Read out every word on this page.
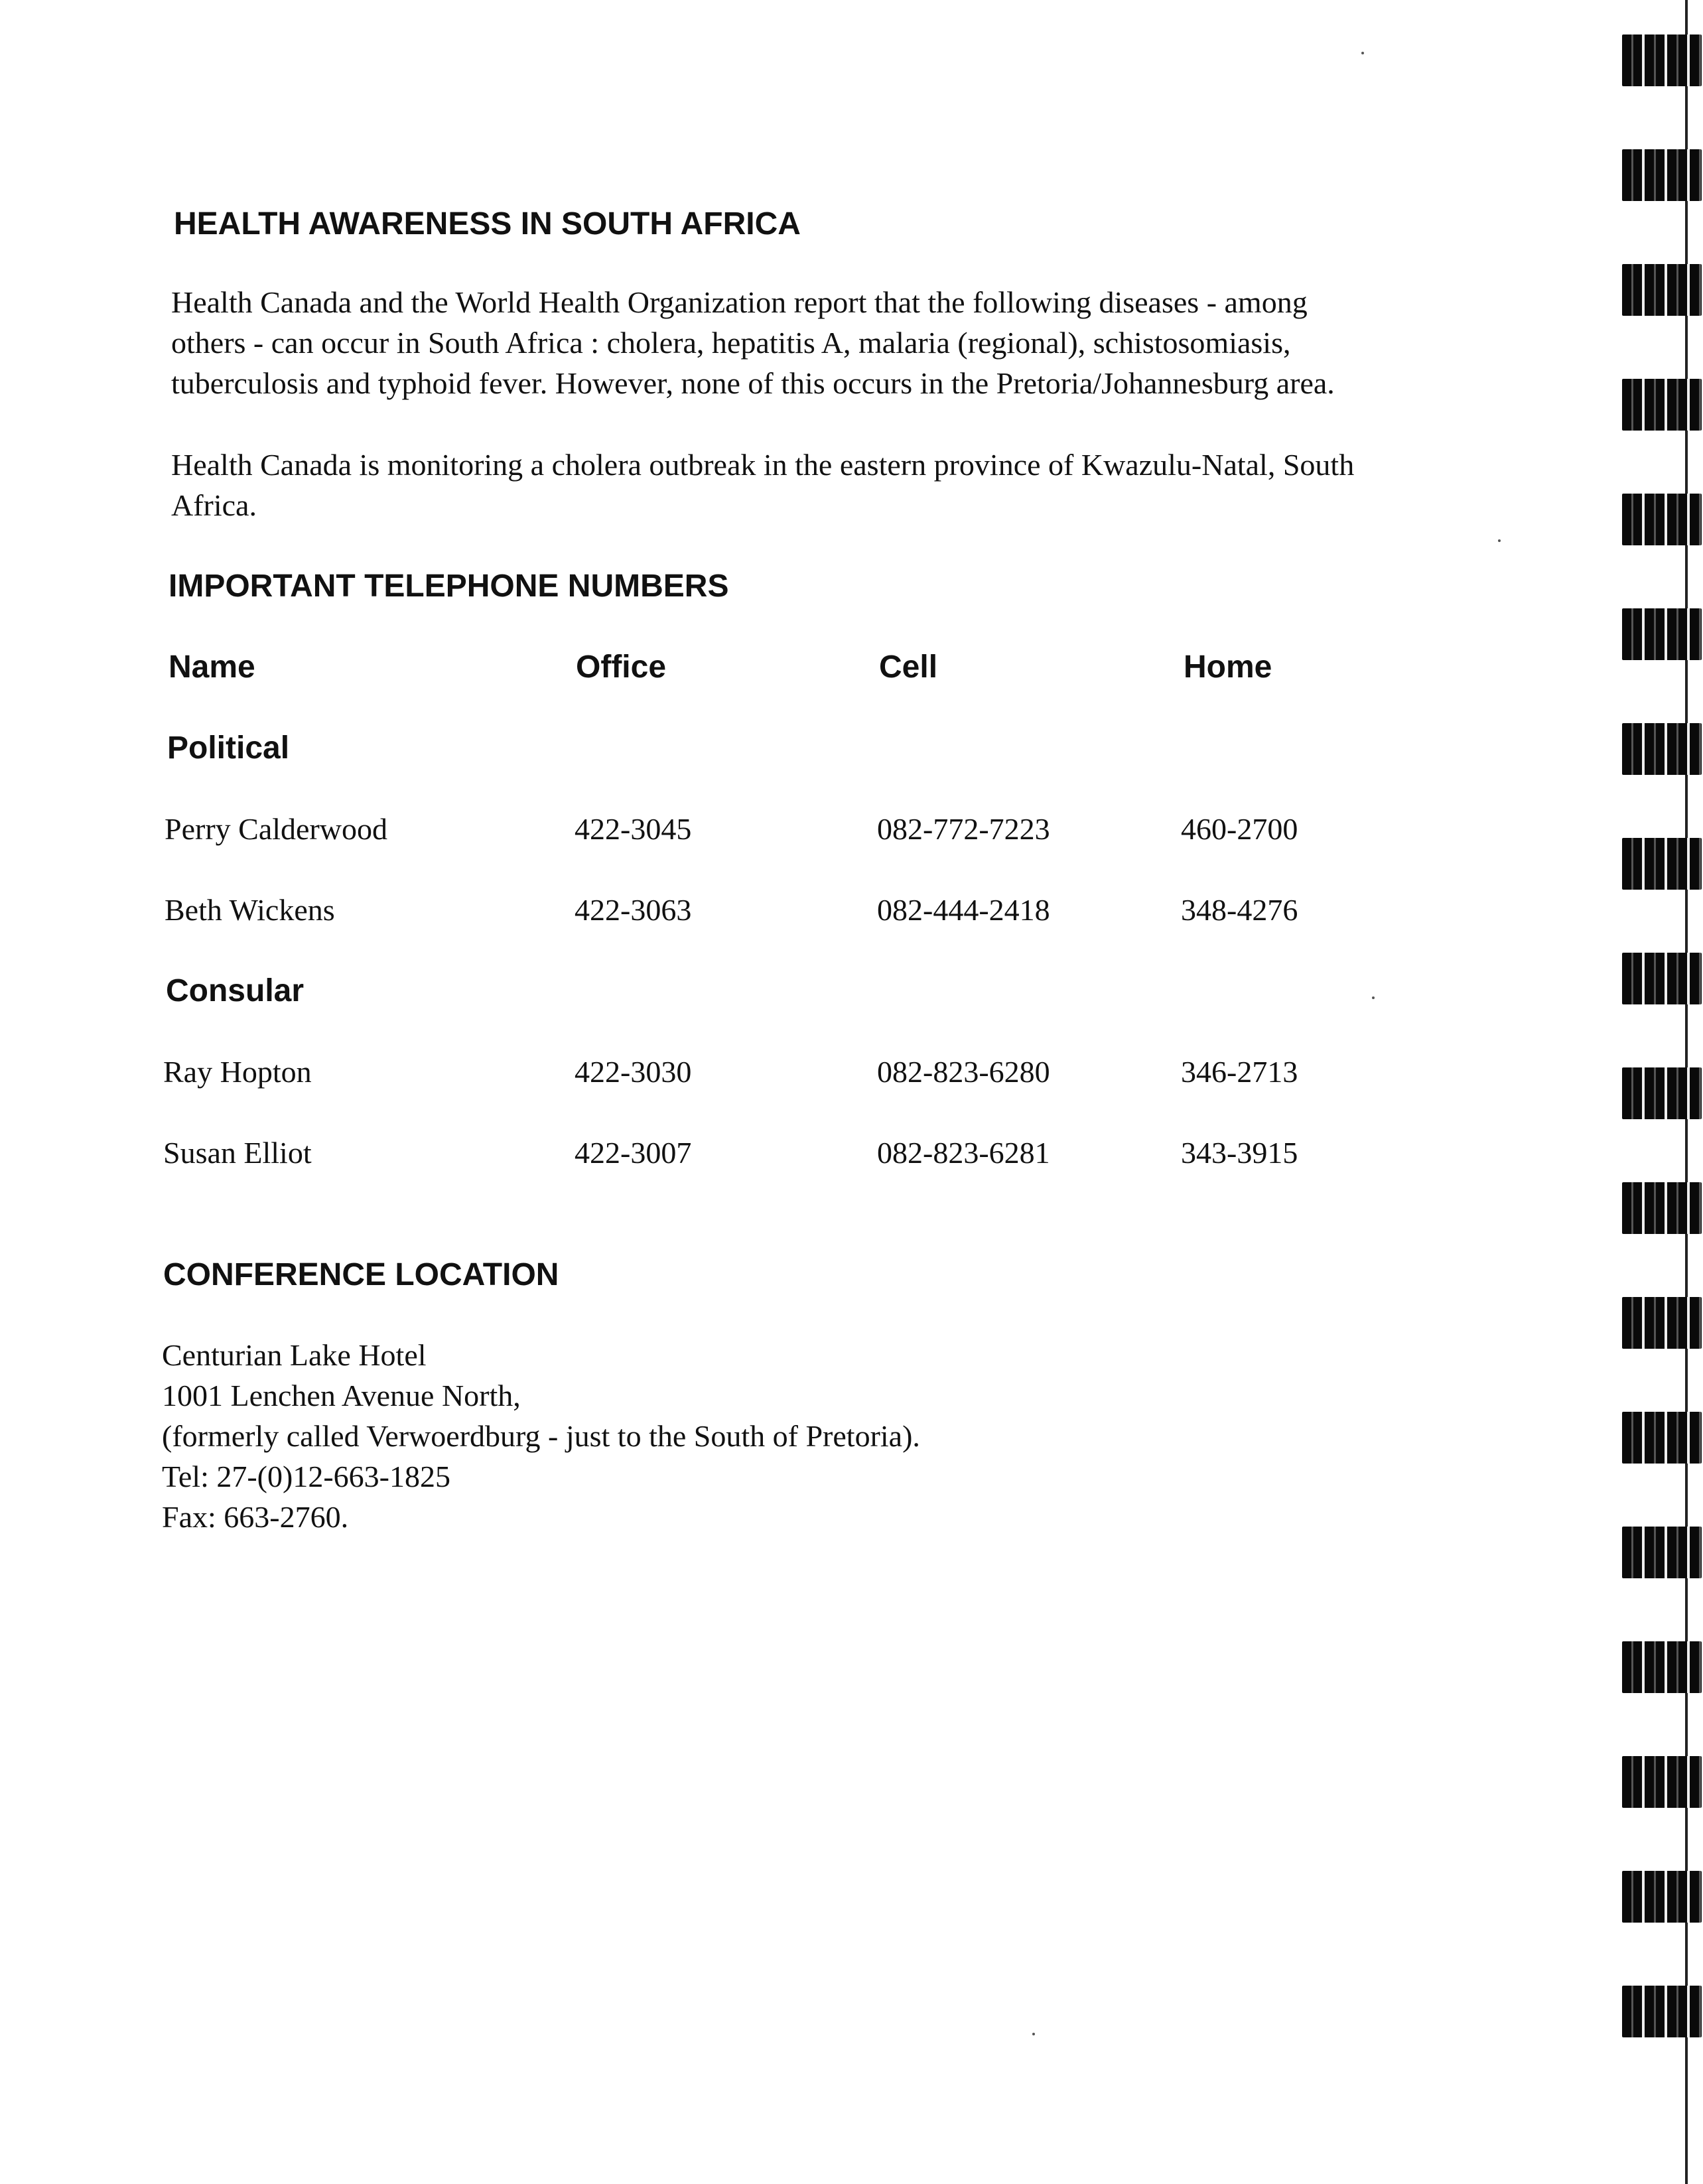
HEALTH AWARENESS IN SOUTH AFRICA

Health Canada and the World Health Organization report that the following diseases - among
others - can occur in South Africa : cholera, hepatitis A, malaria (regional), schistosomiasis,
tuberculosis and typhoid fever. However, none of this occurs in the Pretoria/Johannesburg area.

Health Canada is monitoring a cholera outbreak in the eastern province of Kwazulu-Natal, South
Africa.

IMPORTANT TELEPHONE NUMBERS
Name	Office	Cell	Home
Political
Perry Calderwood	422-3045	082-772-7223	460-2700
Beth Wickens	422-3063	082-444-2418	348-4276
Consular
Ray Hopton	422-3030	082-823-6280	346-2713
Susan Elliot	422-3007	082-823-6281	343-3915
CONFERENCE LOCATION

Centurian Lake Hotel
1001 Lenchen Avenue North,
(formerly called Verwoerdburg - just to the South of Pretoria).
Tel: 27-(0)12-663-1825
Fax: 663-2760.
